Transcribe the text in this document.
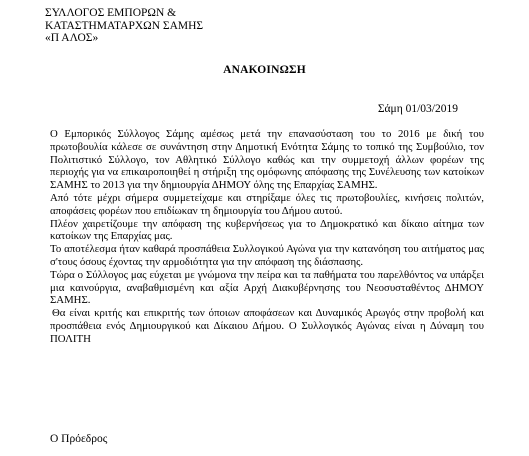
ΣΥΛΛΟΓΟΣ ΕΜΠΟΡΩΝ &
ΚΑΤΑΣΤΗΜΑΤΑΡΧΩΝ ΣΑΜΗΣ
«Π ΑΛΟΣ»
ΑΝΑΚΟΙΝΩΣΗ
Σάμη 01/03/2019

Ο Εμπορικός Σύλλογος Σάμης αμέσως μετά την επανασύσταση του το 2016 με δική του πρωτοβουλία κάλεσε σε συνάντηση στην Δημοτική Ενότητα Σάμης το τοπικό της Συμβούλιο, τον Πολιτιστικό Σύλλογο, τον Αθλητικό Σύλλογο καθώς και την συμμετοχή άλλων φορέων της περιοχής για να επικαιροποιηθεί η στήριξη της ομόφωνης απόφασης της Συνέλευσης των κατοίκων ΣΑΜΗΣ το 2013 για την δημιουργία ΔΗΜΟΥ όλης της Επαρχίας ΣΑΜΗΣ.

Από τότε μέχρι σήμερα συμμετείχαμε και στηρίξαμε όλες τις πρωτοβουλίες, κινήσεις πολιτών, αποφάσεις φορέων που επιδίωκαν τη δημιουργία του Δήμου αυτού.

Πλέον χαιρετίζουμε την απόφαση της κυβερνήσεως για το Δημοκρατικό και δίκαιο αίτημα των κατοίκων της Επαρχίας μας.

Το αποτέλεσμα ήταν καθαρά προσπάθεια Συλλογικού Αγώνα για την κατανόηση του αιτήματος μας σ'τους όσους έχοντας την αρμοδιότητα για την απόφαση της διάσπασης.

Τώρα ο Σύλλογος μας εύχεται με γνώμονα την πείρα και τα παθήματα του παρελθόντος να υπάρξει μια καινούργια, αναβαθμισμένη και αξία Αρχή Διακυβέρνησης του Νεοσυσταθέντος ΔΗΜΟΥ ΣΑΜΗΣ.

Θα είναι κριτής και επικριτής των όποιων αποφάσεων και Δυναμικός Αρωγός στην προβολή και προσπάθεια ενός Δημιουργικού και Δίκαιου Δήμου. Ο Συλλογικός Αγώνας είναι η Δύναμη του ΠΟΛΙΤΗ

Ο Πρόεδρος
